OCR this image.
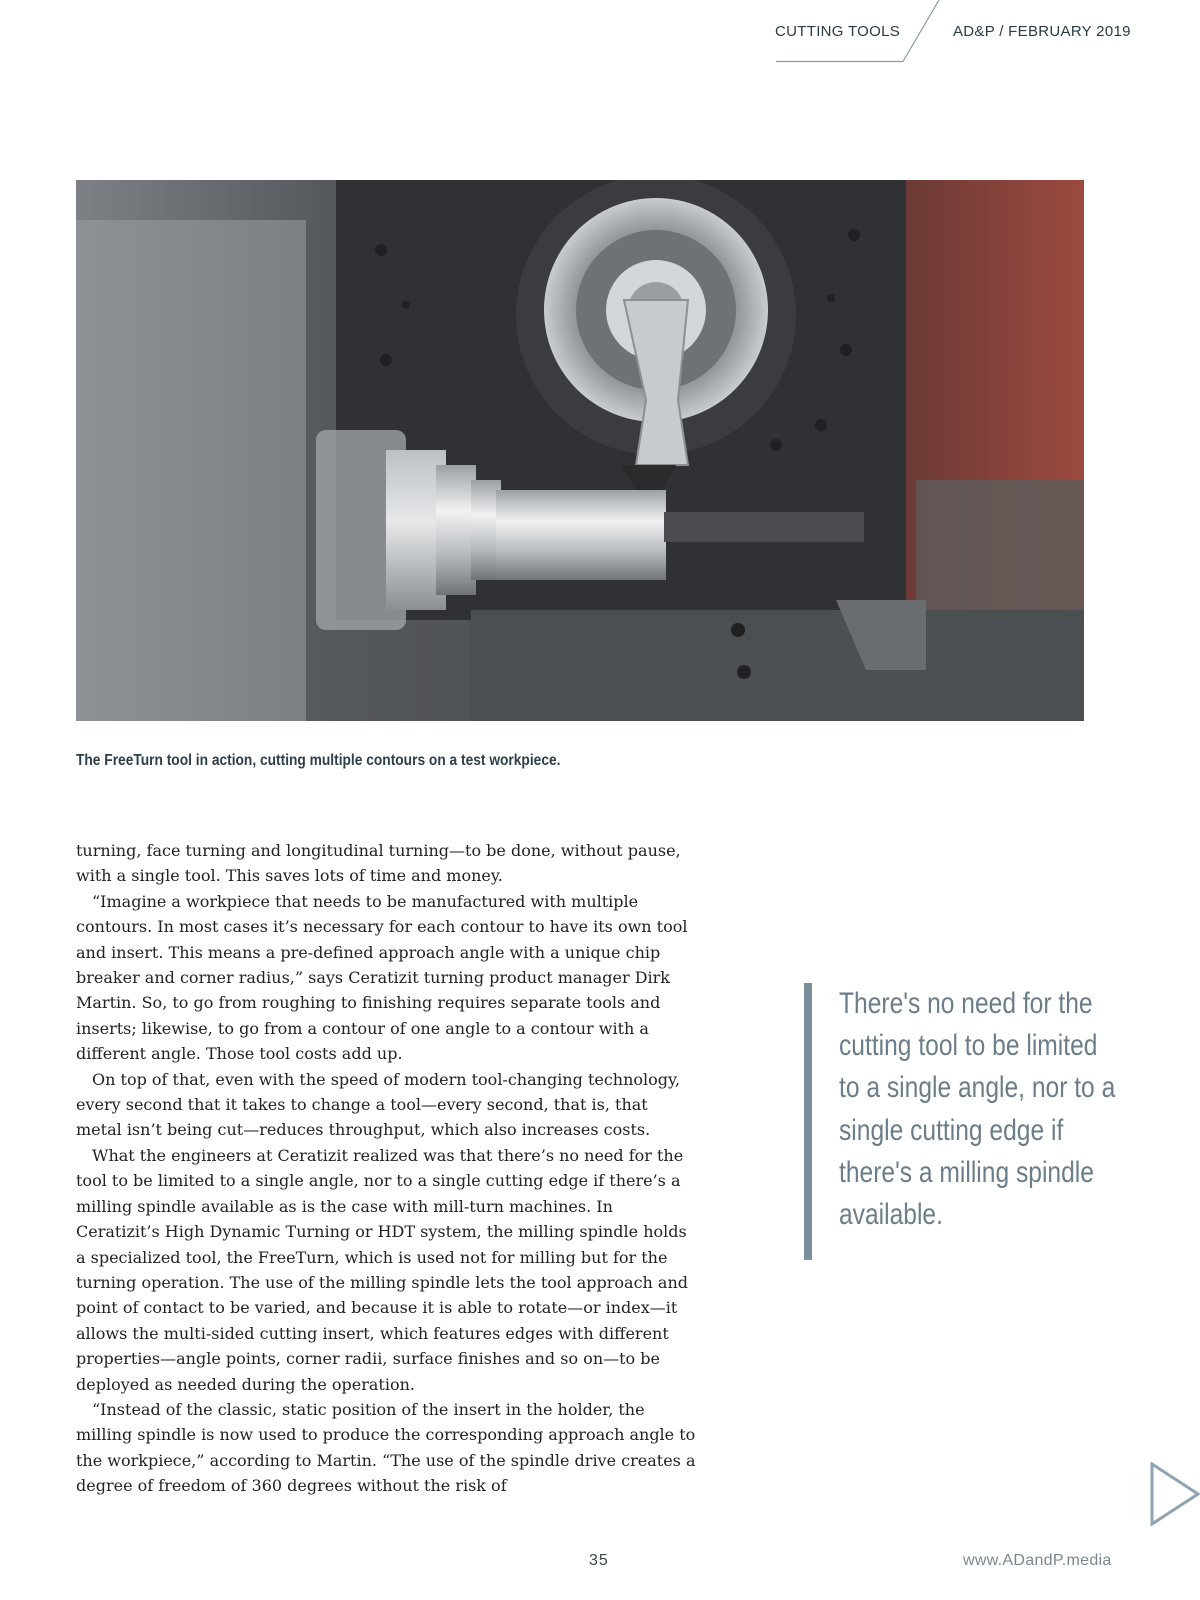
CUTTING TOOLS	AD&P / FEBRUARY 2019
The FreeTurn tool in action, cutting multiple contours on a test workpiece.

turning, face turning and longitudinal turning—to be done, without pause, with a single tool. This saves lots of time and money.

“Imagine a workpiece that needs to be manufactured with multiple contours. In most cases it’s necessary for each contour to have its own tool and insert. This means a pre-defined approach angle with a unique chip breaker and corner radius,” says Ceratizit turning product manager Dirk Martin. So, to go from roughing to finishing requires separate tools and inserts; likewise, to go from a contour of one angle to a contour with a different angle. Those tool costs add up.

On top of that, even with the speed of modern tool-changing technology, every second that it takes to change a tool—every second, that is, that metal isn’t being cut—reduces throughput, which also increases costs.

What the engineers at Ceratizit realized was that there’s no need for the tool to be limited to a single angle, nor to a single cutting edge if there’s a milling spindle available as is the case with mill-turn machines. In Ceratizit’s High Dynamic Turning or HDT system, the milling spindle holds a specialized tool, the FreeTurn, which is used not for milling but for the turning operation. The use of the milling spindle lets the tool approach and point of contact to be varied, and because it is able to rotate—or index—it allows the multi-sided cutting insert, which features edges with different properties—angle points, corner radii, surface finishes and so on—to be deployed as needed during the operation.

“Instead of the classic, static position of the insert in the holder, the milling spindle is now used to produce the corresponding approach angle to the workpiece,” according to Martin. “The use of the spindle drive creates a degree of freedom of 360 degrees without the risk of

There's no need for the cutting tool to be limited to a single angle, nor to a single cutting edge if there's a milling spindle available.
35	www.ADandP.media
